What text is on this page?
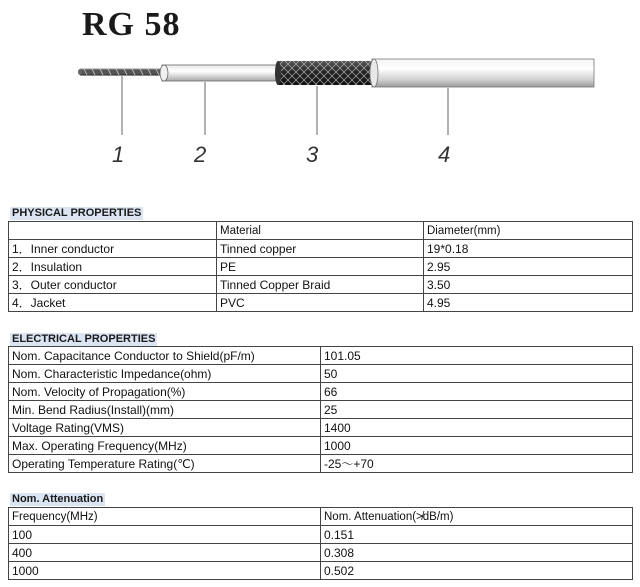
RG 58
1	2	3	4
PHYSICAL PROPERTIES
	Material	Diameter(mm)
1．Inner conductor	Tinned copper	19*0.18
2．Insulation	PE	2.95
3．Outer conductor	Tinned Copper Braid	3.50
4．Jacket	PVC	4.95
ELECTRICAL PROPERTIES
Nom. Capacitance Conductor to Shield(pF/m)	101.05
Nom. Characteristic Impedance(ohm)	50
Nom. Velocity of Propagation(%)	66
Min. Bend Radius(Install)(mm)	25
Voltage Rating(VMS)	1400
Max. Operating Frequency(MHz)	1000
Operating Temperature Rating(℃)	-25～+70
Nom. Attenuation
Frequency(MHz)	Nom. Attenuation(≯dB/m)
100	0.151
400	0.308
1000	0.502
